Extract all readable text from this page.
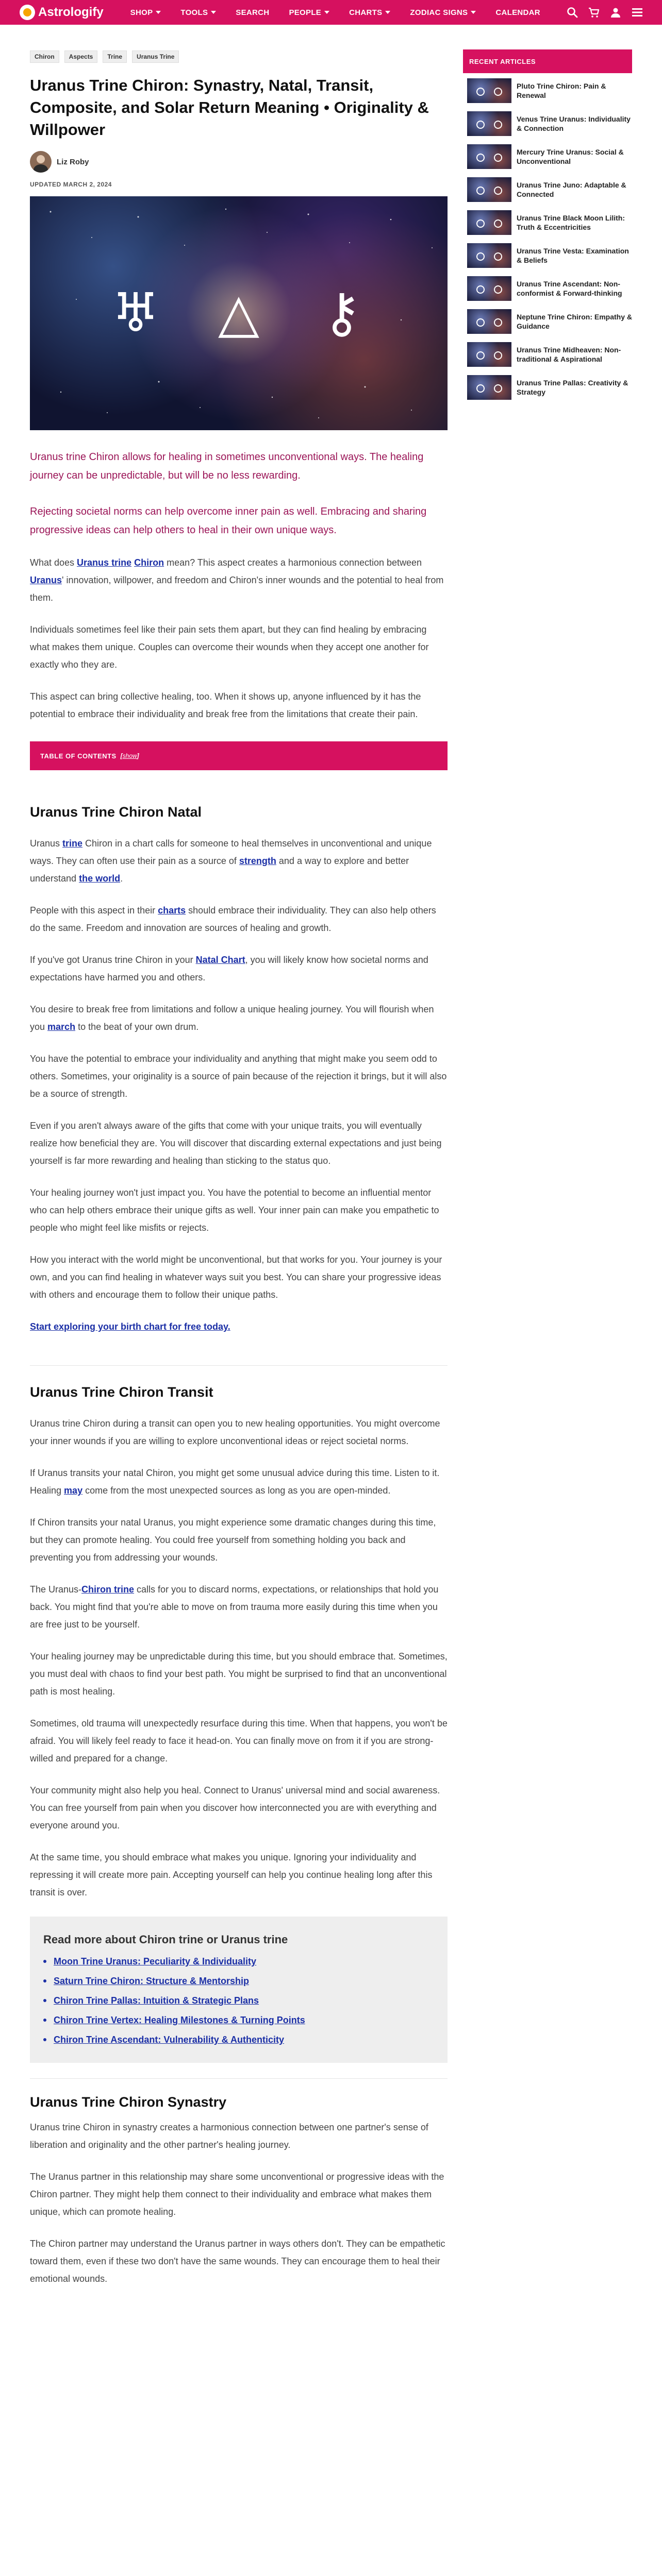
Astrologify	SHOP	TOOLS	SEARCH	PEOPLE	CHARTS	ZODIAC SIGNS	CALENDAR
Chiron	Aspects	Trine	Uranus Trine
Uranus Trine Chiron: Synastry, Natal, Transit, Composite, and Solar Return Meaning • Originality & Willpower
Liz Roby
UPDATED MARCH 2, 2024
♅ △ ⚷

Uranus trine Chiron allows for healing in sometimes unconventional ways. The healing journey can be unpredictable, but will be no less rewarding.

Rejecting societal norms can help overcome inner pain as well. Embracing and sharing progressive ideas can help others to heal in their own unique ways.

What does Uranus trine Chiron mean? This aspect creates a harmonious connection between Uranus' innovation, willpower, and freedom and Chiron's inner wounds and the potential to heal from them.

Individuals sometimes feel like their pain sets them apart, but they can find healing by embracing what makes them unique. Couples can overcome their wounds when they accept one another for exactly who they are.

This aspect can bring collective healing, too. When it shows up, anyone influenced by it has the potential to embrace their individuality and break free from the limitations that create their pain.

TABLE OF CONTENTS [show]
Uranus Trine Chiron Natal

Uranus trine Chiron in a chart calls for someone to heal themselves in unconventional and unique ways. They can often use their pain as a source of strength and a way to explore and better understand the world.

People with this aspect in their charts should embrace their individuality. They can also help others do the same. Freedom and innovation are sources of healing and growth.

If you've got Uranus trine Chiron in your Natal Chart, you will likely know how societal norms and expectations have harmed you and others.

You desire to break free from limitations and follow a unique healing journey. You will flourish when you march to the beat of your own drum.

You have the potential to embrace your individuality and anything that might make you seem odd to others. Sometimes, your originality is a source of pain because of the rejection it brings, but it will also be a source of strength.

Even if you aren't always aware of the gifts that come with your unique traits, you will eventually realize how beneficial they are. You will discover that discarding external expectations and just being yourself is far more rewarding and healing than sticking to the status quo.

Your healing journey won't just impact you. You have the potential to become an influential mentor who can help others embrace their unique gifts as well. Your inner pain can make you empathetic to people who might feel like misfits or rejects.

How you interact with the world might be unconventional, but that works for you. Your journey is your own, and you can find healing in whatever ways suit you best. You can share your progressive ideas with others and encourage them to follow their unique paths.

Start exploring your birth chart for free today.

Uranus Trine Chiron Transit

Uranus trine Chiron during a transit can open you to new healing opportunities. You might overcome your inner wounds if you are willing to explore unconventional ideas or reject societal norms.

If Uranus transits your natal Chiron, you might get some unusual advice during this time. Listen to it. Healing may come from the most unexpected sources as long as you are open-minded.

If Chiron transits your natal Uranus, you might experience some dramatic changes during this time, but they can promote healing. You could free yourself from something holding you back and preventing you from addressing your wounds.

The Uranus-Chiron trine calls for you to discard norms, expectations, or relationships that hold you back. You might find that you're able to move on from trauma more easily during this time when you are free just to be yourself.

Your healing journey may be unpredictable during this time, but you should embrace that. Sometimes, you must deal with chaos to find your best path. You might be surprised to find that an unconventional path is most healing.

Sometimes, old trauma will unexpectedly resurface during this time. When that happens, you won't be afraid. You will likely feel ready to face it head-on. You can finally move on from it if you are strong-willed and prepared for a change.

Your community might also help you heal. Connect to Uranus' universal mind and social awareness. You can free yourself from pain when you discover how interconnected you are with everything and everyone around you.

At the same time, you should embrace what makes you unique. Ignoring your individuality and repressing it will create more pain. Accepting yourself can help you continue healing long after this transit is over.

Read more about Chiron trine or Uranus trine
Moon Trine Uranus: Peculiarity & Individuality
Saturn Trine Chiron: Structure & Mentorship
Chiron Trine Pallas: Intuition & Strategic Plans
Chiron Trine Vertex: Healing Milestones & Turning Points
Chiron Trine Ascendant: Vulnerability & Authenticity
Uranus Trine Chiron Synastry

Uranus trine Chiron in synastry creates a harmonious connection between one partner's sense of liberation and originality and the other partner's healing journey.

The Uranus partner in this relationship may share some unconventional or progressive ideas with the Chiron partner. They might help them connect to their individuality and embrace what makes them unique, which can promote healing.

The Chiron partner may understand the Uranus partner in ways others don't. They can be empathetic toward them, even if these two don't have the same wounds. They can encourage them to heal their emotional wounds.

RECENT ARTICLES
Pluto Trine Chiron: Pain & Renewal
Venus Trine Uranus: Individuality & Connection
Mercury Trine Uranus: Social & Unconventional
Uranus Trine Juno: Adaptable & Connected
Uranus Trine Black Moon Lilith: Truth & Eccentricities
Uranus Trine Vesta: Examination & Beliefs
Uranus Trine Ascendant: Non-conformist & Forward-thinking
Neptune Trine Chiron: Empathy & Guidance
Uranus Trine Midheaven: Non-traditional & Aspirational
Uranus Trine Pallas: Creativity & Strategy
